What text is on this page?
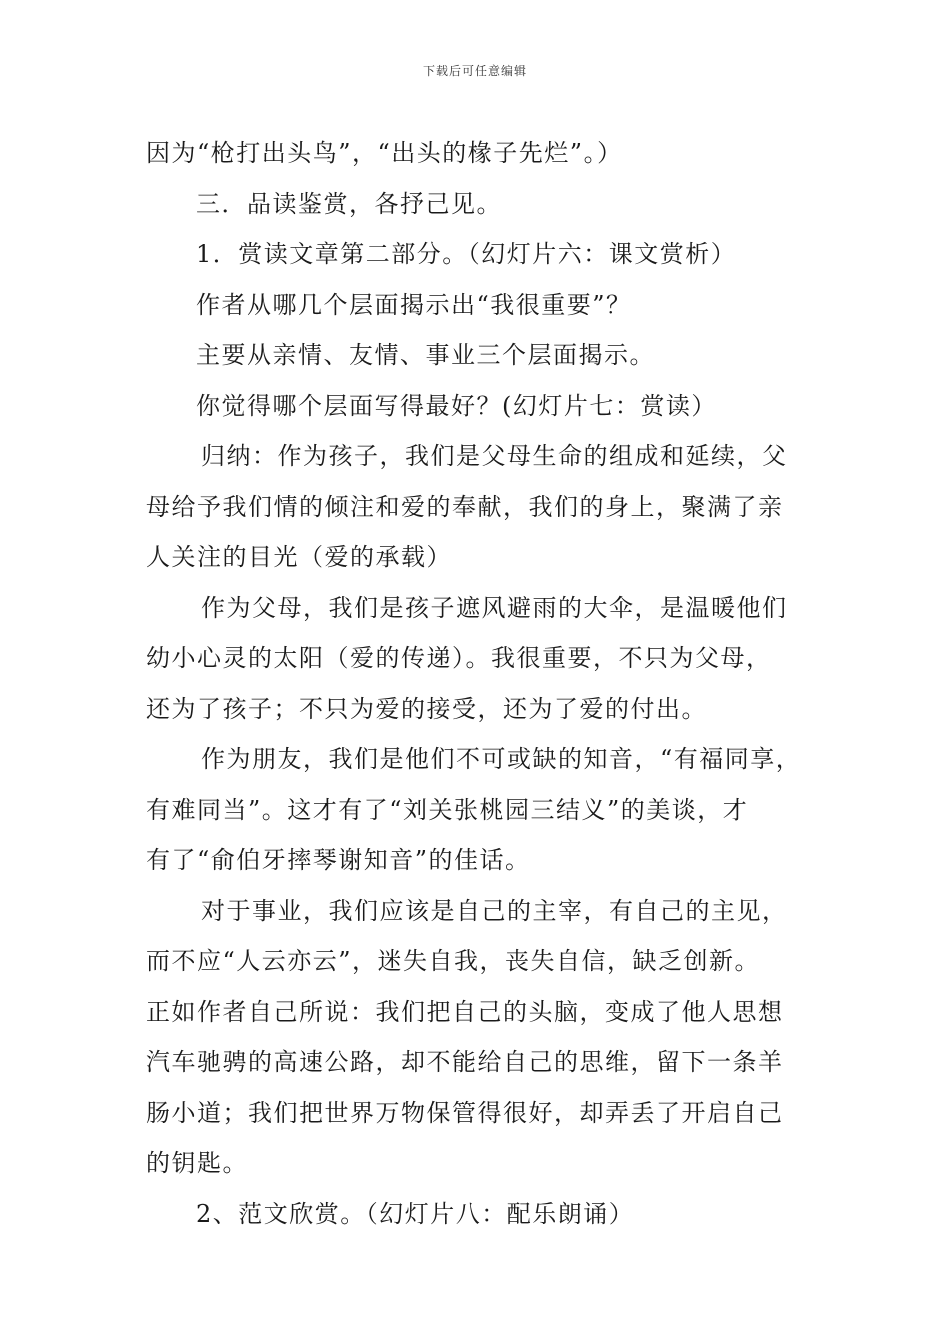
下载后可任意编辑

因为“枪打出头鸟”，“出头的椽子先烂”。）

三．品读鉴赏，各抒己见。

1．赏读文章第二部分。（幻灯片六：课文赏析）

作者从哪几个层面揭示出“我很重要”？

主要从亲情、友情、事业三个层面揭示。

你觉得哪个层面写得最好？(幻灯片七：赏读）

归纳：作为孩子，我们是父母生命的组成和延续，父

母给予我们情的倾注和爱的奉献，我们的身上，聚满了亲

人关注的目光（爱的承载）

作为父母，我们是孩子遮风避雨的大伞，是温暖他们

幼小心灵的太阳（爱的传递）。我很重要，不只为父母，

还为了孩子；不只为爱的接受，还为了爱的付出。

作为朋友，我们是他们不可或缺的知音，“有福同享，

有难同当”。这才有了“刘关张桃园三结义”的美谈，才

有了“俞伯牙摔琴谢知音”的佳话。

对于事业，我们应该是自己的主宰，有自己的主见，

而不应“人云亦云”，迷失自我，丧失自信，缺乏创新。

正如作者自己所说：我们把自己的头脑，变成了他人思想

汽车驰骋的高速公路，却不能给自己的思维，留下一条羊

肠小道；我们把世界万物保管得很好，却弄丢了开启自己

的钥匙。

2、范文欣赏。（幻灯片八：配乐朗诵）
